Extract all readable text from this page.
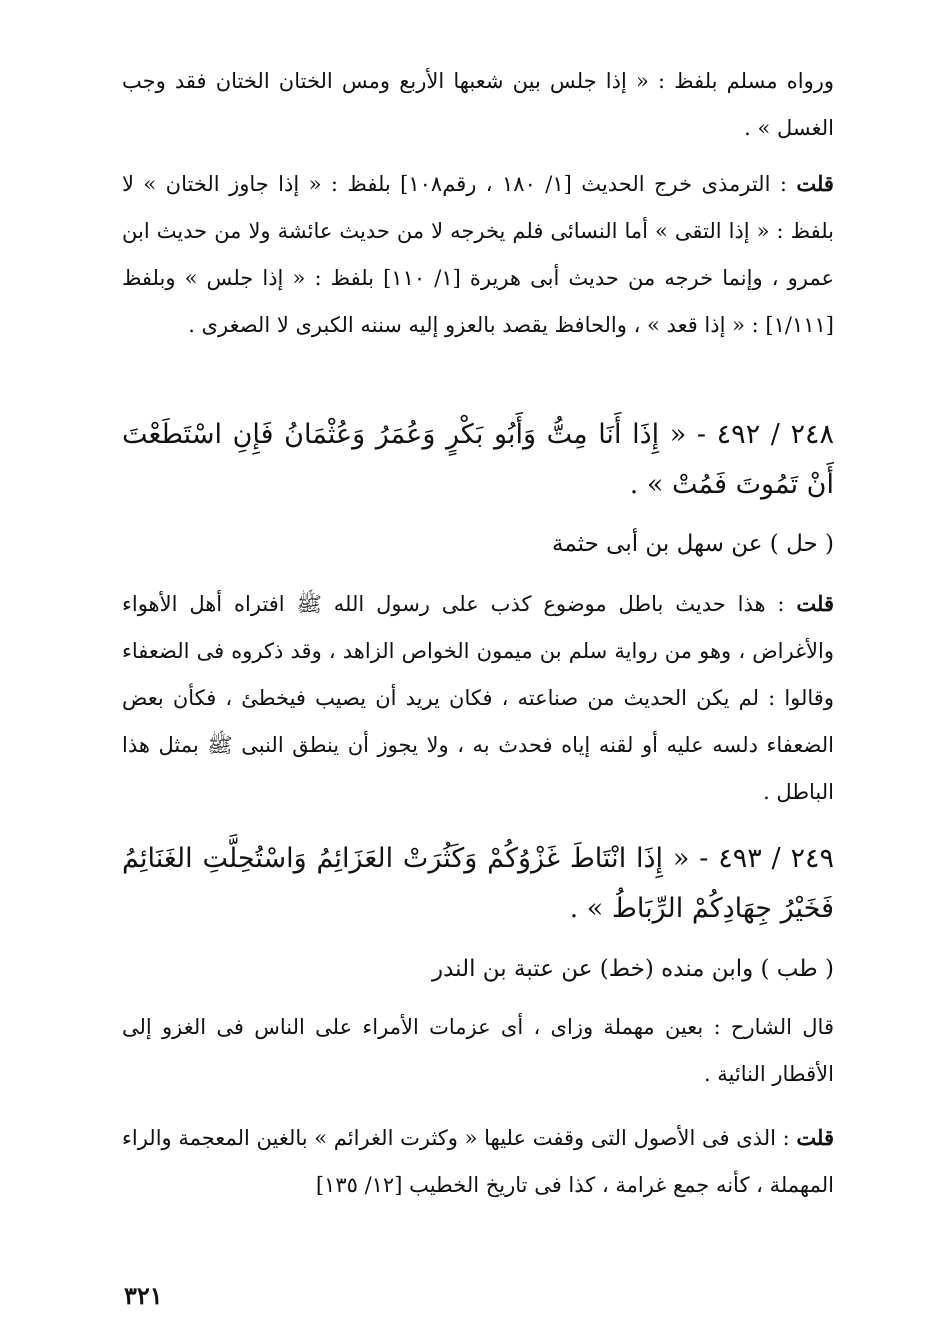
ورواه مسلم بلفظ : « إذا جلس بين شعبها الأربع ومس الختان الختان فقد وجب الغسل » .

قلت : الترمذى خرج الحديث [١/ ١٨٠ ، رقم١٠٨] بلفظ : « إذا جاوز الختان » لا بلفظ : « إذا التقى » أما النسائى فلم يخرجه لا من حديث عائشة ولا من حديث ابن عمرو ، وإنما خرجه من حديث أبى هريرة [١/ ١١٠] بلفظ : « إذا جلس » وبلفظ [١/١١١] : « إذا قعد » ، والحافظ يقصد بالعزو إليه سننه الكبرى لا الصغرى .

٢٤٨ / ٤٩٢ - « إِذَا أَنَا مِتُّ وَأَبُو بَكْرٍ وَعُمَرُ وَعُثْمَانُ فَإِنِ اسْتَطَعْتَ أَنْ تَمُوتَ فَمُتْ » .

( حل ) عن سهل بن أبى حثمة

قلت : هذا حديث باطل موضوع كذب على رسول الله ﷺ افتراه أهل الأهواء والأغراض ، وهو من رواية سلم بن ميمون الخواص الزاهد ، وقد ذكروه فى الضعفاء وقالوا : لم يكن الحديث من صناعته ، فكان يريد أن يصيب فيخطئ ، فكأن بعض الضعفاء دلسه عليه أو لقنه إياه فحدث به ، ولا يجوز أن ينطق النبى ﷺ بمثل هذا الباطل .

٢٤٩ / ٤٩٣ - « إِذَا انْتَاطَ غَزْوُكُمْ وَكَثُرَتْ العَزَائِمُ وَاسْتُحِلَّتِ الغَنَائِمُ فَخَيْرُ جِهَادِكُمْ الرِّبَاطُ » .

( طب ) وابن منده (خط) عن عتبة بن الندر

قال الشارح : بعين مهملة وزاى ، أى عزمات الأمراء على الناس فى الغزو إلى الأقطار النائية .

قلت : الذى فى الأصول التى وقفت عليها « وكثرت الغرائم » بالغين المعجمة والراء المهملة ، كأنه جمع غرامة ، كذا فى تاريخ الخطيب [١٢/ ١٣٥]

٣٢١
